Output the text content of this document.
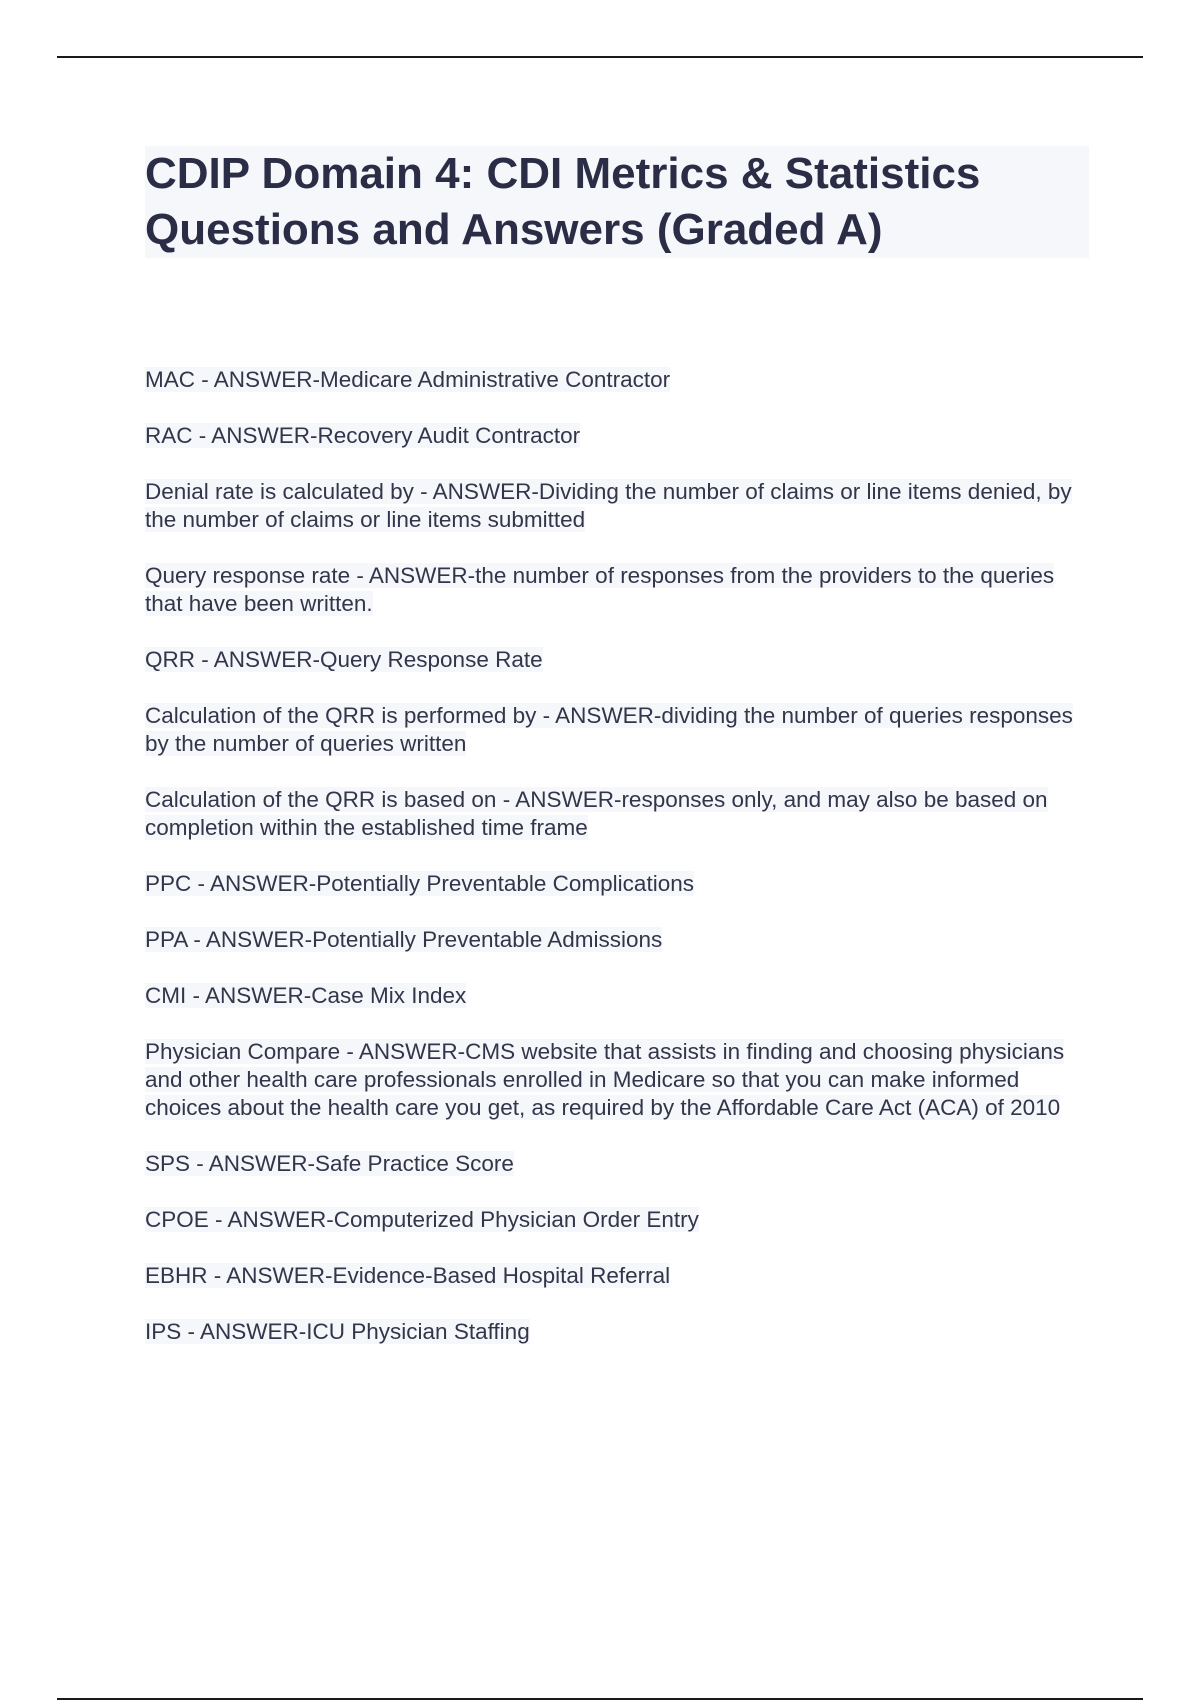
CDIP Domain 4: CDI Metrics & Statistics
Questions and Answers (Graded A)

MAC - ANSWER-Medicare Administrative Contractor

RAC - ANSWER-Recovery Audit Contractor

Denial rate is calculated by - ANSWER-Dividing the number of claims or line items denied, by the number of claims or line items submitted

Query response rate - ANSWER-the number of responses from the providers to the queries that have been written.

QRR - ANSWER-Query Response Rate

Calculation of the QRR is performed by - ANSWER-dividing the number of queries responses by the number of queries written

Calculation of the QRR is based on - ANSWER-responses only, and may also be based on completion within the established time frame

PPC - ANSWER-Potentially Preventable Complications

PPA - ANSWER-Potentially Preventable Admissions

CMI - ANSWER-Case Mix Index

Physician Compare - ANSWER-CMS website that assists in finding and choosing physicians and other health care professionals enrolled in Medicare so that you can make informed choices about the health care you get, as required by the Affordable Care Act (ACA) of 2010

SPS - ANSWER-Safe Practice Score

CPOE - ANSWER-Computerized Physician Order Entry

EBHR - ANSWER-Evidence-Based Hospital Referral

IPS - ANSWER-ICU Physician Staffing
